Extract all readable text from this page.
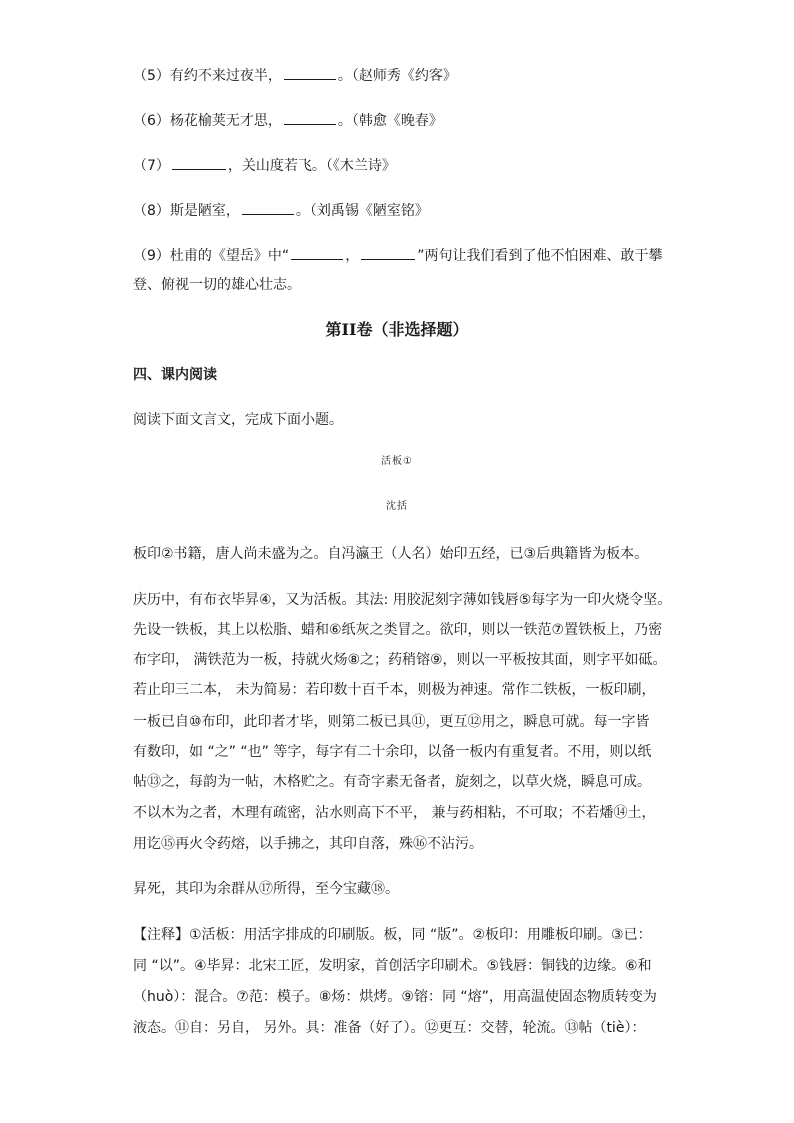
（5）有约不来过夜半，	。（赵师秀《约客》
（6）杨花榆荚无才思，	。（韩愈《晚春》
（7）	，关山度若飞。（《木兰诗》
（8）斯是陋室，	。（刘禹锡《陋室铭》
（9）杜甫的《望岳》中“	，	”两句让我们看到了他不怕困难、敢于攀
登、俯视一切的雄心壮志。
第II卷（非选择题）
四、课内阅读
阅读下面文言文，完成下面小题。
活板①
沈括
板印②书籍，唐人尚未盛为之。自冯瀛王（人名）始印五经，已③后典籍皆为板本。
庆历中，有布衣毕昇④，又为活板。其法: 用胶泥刻字薄如钱唇⑤每字为一印火烧令坚。
先设一铁板，其上以松脂、蜡和⑥纸灰之类冒之。欲印，则以一铁范⑦置铁板上，乃密
布字印， 满铁范为一板，持就火炀⑧之；药稍镕⑨，则以一平板按其面，则字平如砥。
若止印三二本， 未为简易：若印数十百千本，则极为神速。常作二铁板，一板印刷，
一板已自⑩布印，此印者才毕，则第二板已具⑪，更互⑫用之，瞬息可就。每一字皆
有数印，如 “之” “也” 等字，每字有二十余印，以备一板内有重复者。不用，则以纸
帖⑬之，每韵为一帖，木格贮之。有奇字素无备者，旋刻之，以草火烧，瞬息可成。
不以木为之者，木理有疏密，沾水则高下不平， 兼与药相粘，不可取；不若燔⑭土，
用讫⑮再火令药熔，以手拂之，其印自落，殊⑯不沾污。
昇死，其印为余群从⑰所得，至今宝藏⑱。
【注释】①活板：用活字排成的印刷版。板，同 “版”。②板印：用雕板印刷。③已：
同 “以”。④毕昇：北宋工匠，发明家，首创活字印刷术。⑤钱唇：铜钱的边缘。⑥和
（huò）：混合。⑦范：模子。⑧炀：烘烤。⑨镕：同 “熔”，用高温使固态物质转变为
液态。⑪自：另自， 另外。具：准备（好了）。⑫更互：交替，轮流。⑬帖（tiè）：
